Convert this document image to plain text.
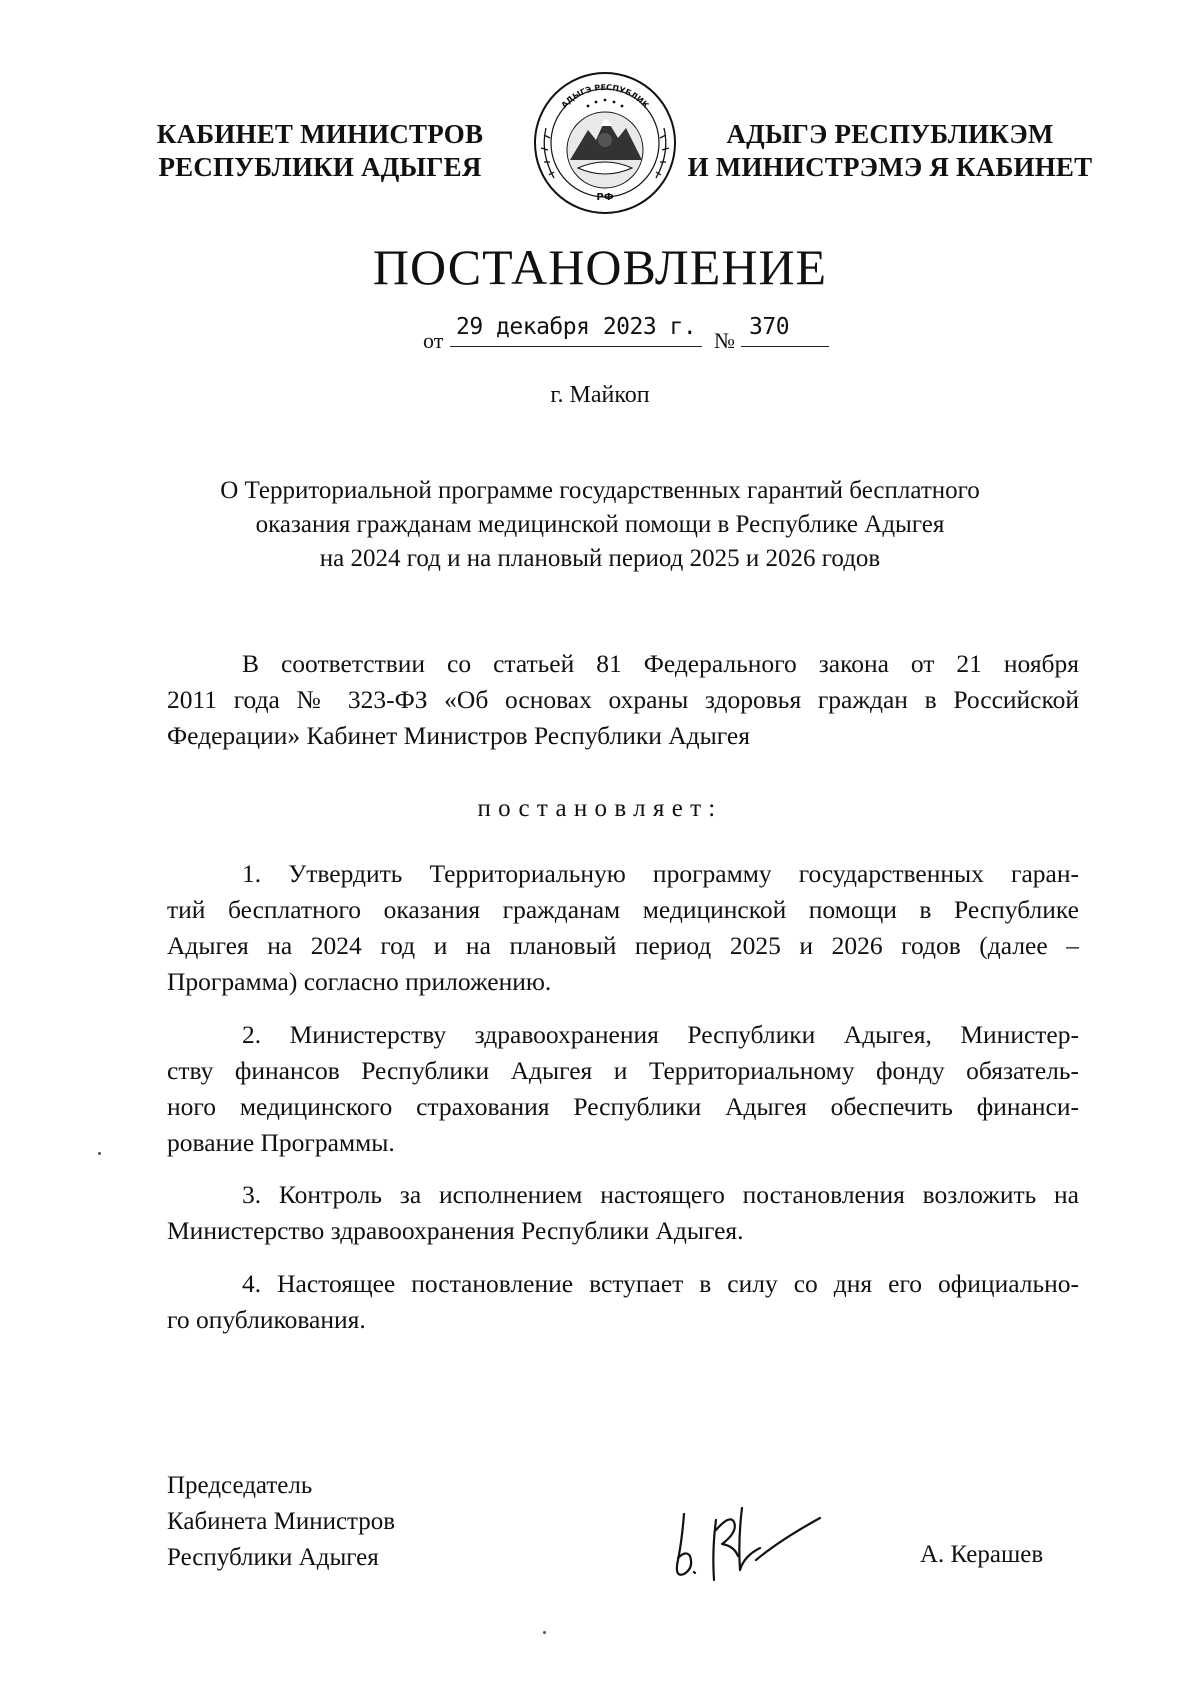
КАБИНЕТ МИНИСТРОВ
РЕСПУБЛИКИ АДЫГЕЯ
АДЫГЭ РЕСПУБЛИК
РФ
АДЫГЭ РЕСПУБЛИКЭМ
И МИНИСТРЭМЭ Я КАБИНЕТ
ПОСТАНОВЛЕНИЕ
от
29 декабря 2023 г.
№
370
г. Майкоп
О Территориальной программе государственных гарантий бесплатного
оказания гражданам медицинской помощи в Республике Адыгея
на 2024 год и на плановый период 2025 и 2026 годов
В соответствии со статьей 81 Федерального закона от 21 ноября
2011 года № 323-ФЗ «Об основах охраны здоровья граждан в Российской
Федерации» Кабинет Министров Республики Адыгея
постановляет:
1. Утвердить Территориальную программу государственных гаран-
тий бесплатного оказания гражданам медицинской помощи в Республике
Адыгея на 2024 год и на плановый период 2025 и 2026 годов (далее –
Программа) согласно приложению.
2. Министерству здравоохранения Республики Адыгея, Министер-
ству финансов Республики Адыгея и Территориальному фонду обязатель-
ного медицинского страхования Республики Адыгея обеспечить финанси-
рование Программы.
3. Контроль за исполнением настоящего постановления возложить на
Министерство здравоохранения Республики Адыгея.
4. Настоящее постановление вступает в силу со дня его официально-
го опубликования.
Председатель
Кабинета Министров
Республики Адыгея	А. Керашев
